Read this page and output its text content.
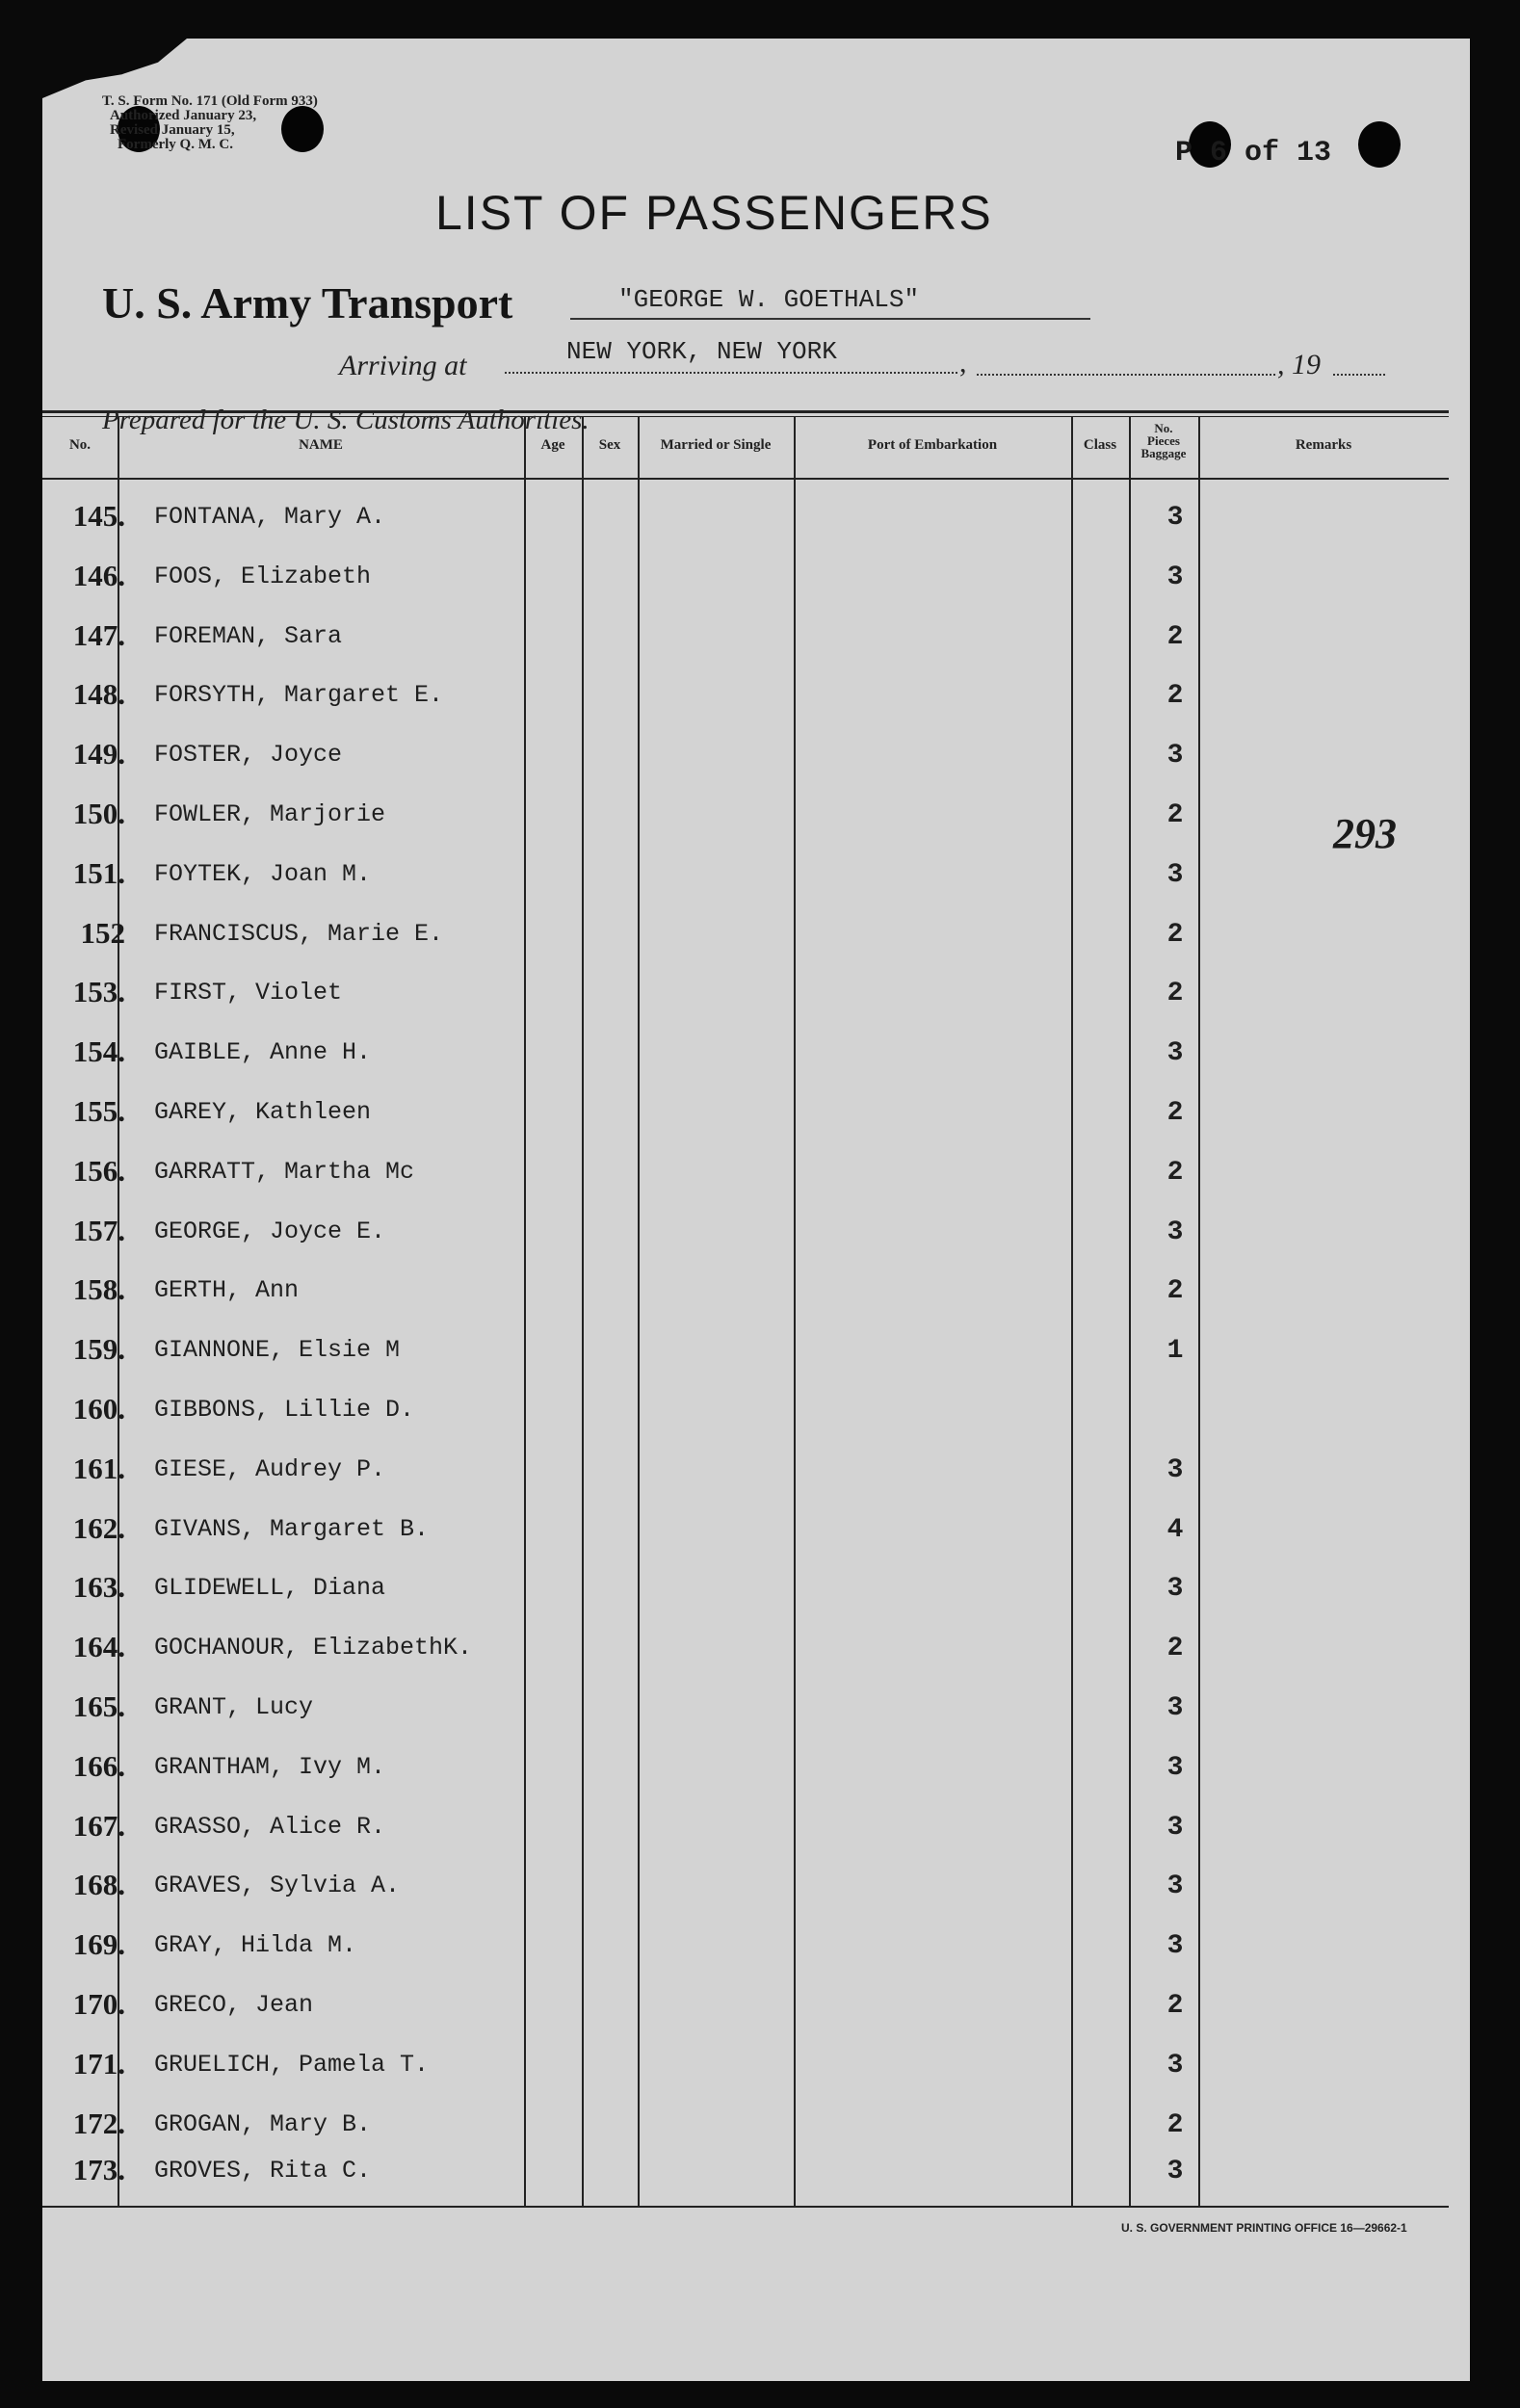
T. S. Form No. 171 (Old Form 933)
Authorized January 23,
Revised January 15,
Formerly Q. M. C.
LIST OF PASSENGERS
P 6 of 13
U. S. Army Transport	"GEORGE W. GOETHALS"
Arriving at	NEW YORK, NEW YORK	,	, 19
Prepared for the U. S. Customs Authorities.
No.	NAME	Age	Sex	Married or Single	Port of Embarkation	Class
No.
Pieces
Baggage
Remarks
145. FONTANA, Mary A.	3
146. FOOS, Elizabeth	3
147. FOREMAN, Sara	2
148. FORSYTH, Margaret E.	2
149. FOSTER, Joyce	3
150. FOWLER, Marjorie	2
151. FOYTEK, Joan M.	3
152 FRANCISCUS, Marie E.	2
153. FIRST, Violet	2
154. GAIBLE, Anne H.	3
155. GAREY, Kathleen	2
156. GARRATT, Martha Mc	2
157. GEORGE, Joyce E.	3
158. GERTH, Ann	2
159. GIANNONE, Elsie M	1
160. GIBBONS, Lillie D.
161. GIESE, Audrey P.	3
162. GIVANS, Margaret B.	4
163. GLIDEWELL, Diana	3
164. GOCHANOUR, ElizabethK.	2
165. GRANT, Lucy	3
166. GRANTHAM, Ivy M.	3
167. GRASSO, Alice R.	3
168. GRAVES, Sylvia A.	3
169. GRAY, Hilda M.	3
170. GRECO, Jean	2
171. GRUELICH, Pamela T.	3
172. GROGAN, Mary B.	2
173. GROVES, Rita C.	3
293
U. S. GOVERNMENT PRINTING OFFICE 16—29662-1
